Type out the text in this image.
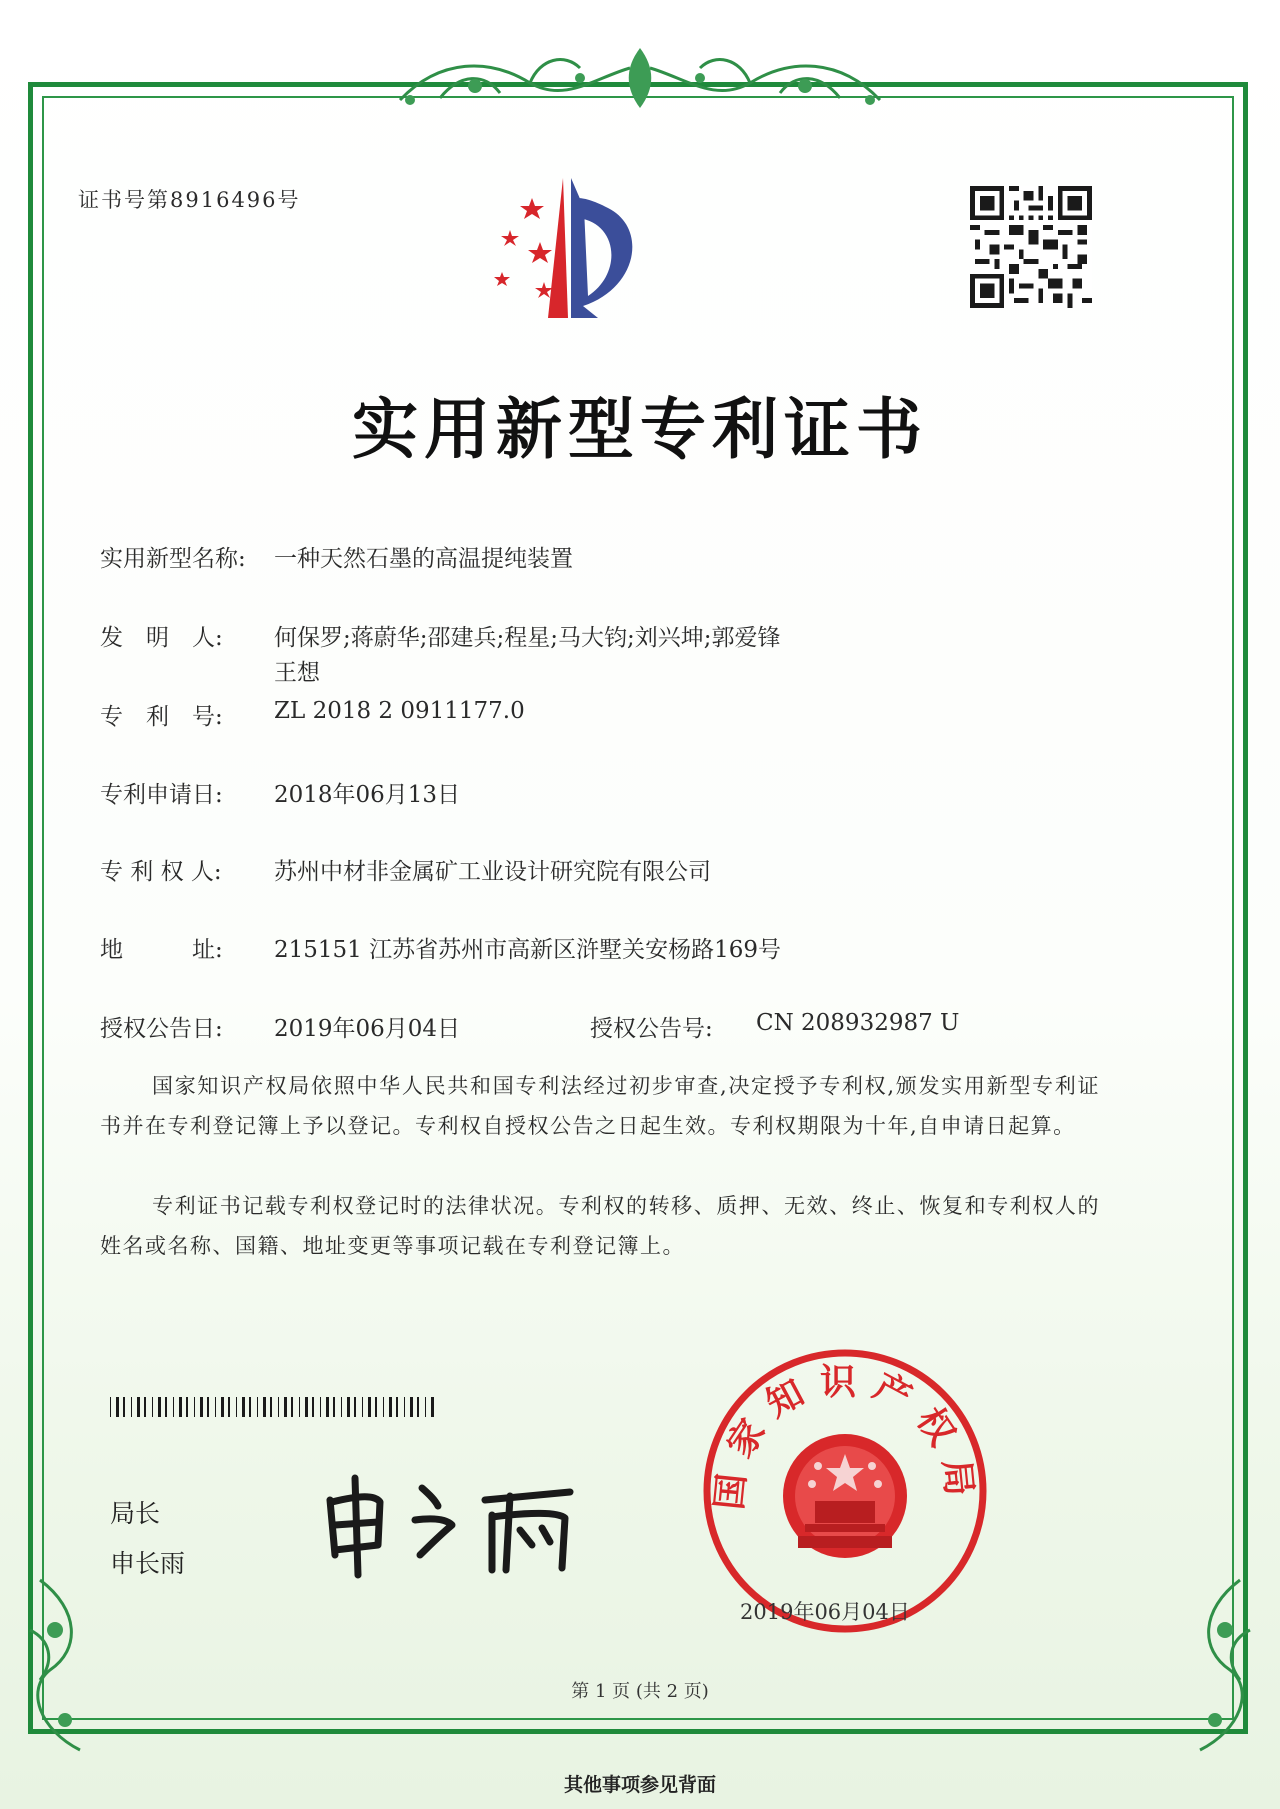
证书号第8916496号
实用新型专利证书
实用新型名称: 一种天然石墨的高温提纯装置
发　明　人: 何保罗;蒋蔚华;邵建兵;程星;马大钧;刘兴坤;郭爱锋
王想
专　利　号: ZL 2018 2 0911177.0
专利申请日: 2018年06月13日
专 利 权 人: 苏州中材非金属矿工业设计研究院有限公司
地　　　址: 215151 江苏省苏州市高新区浒墅关安杨路169号
授权公告日: 2019年06月04日	授权公告号: CN 208932987 U
国家知识产权局依照中华人民共和国专利法经过初步审查,决定授予专利权,颁发实用新型专利证书并在专利登记簿上予以登记。专利权自授权公告之日起生效。专利权期限为十年,自申请日起算。
专利证书记载专利权登记时的法律状况。专利权的转移、质押、无效、终止、恢复和专利权人的姓名或名称、国籍、地址变更等事项记载在专利登记簿上。
局长
申长雨
国家知识产权局
2019年06月04日
第 1 页 (共 2 页)
其他事项参见背面
